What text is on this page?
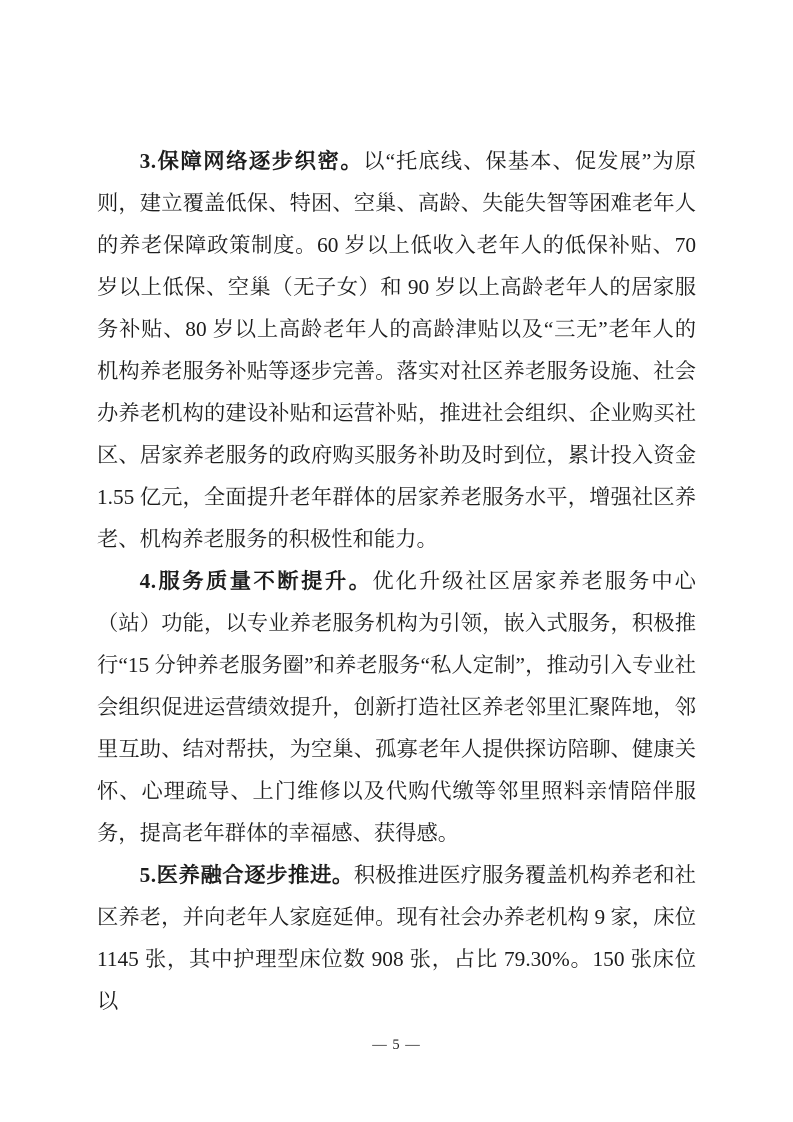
3.保障网络逐步织密。以“托底线、保基本、促发展”为原则，建立覆盖低保、特困、空巢、高龄、失能失智等困难老年人的养老保障政策制度。60 岁以上低收入老年人的低保补贴、70 岁以上低保、空巢（无子女）和 90 岁以上高龄老年人的居家服务补贴、80 岁以上高龄老年人的高龄津贴以及“三无”老年人的机构养老服务补贴等逐步完善。落实对社区养老服务设施、社会办养老机构的建设补贴和运营补贴，推进社会组织、企业购买社区、居家养老服务的政府购买服务补助及时到位，累计投入资金 1.55 亿元，全面提升老年群体的居家养老服务水平，增强社区养老、机构养老服务的积极性和能力。

4.服务质量不断提升。优化升级社区居家养老服务中心（站）功能，以专业养老服务机构为引领，嵌入式服务，积极推行“15 分钟养老服务圈”和养老服务“私人定制”，推动引入专业社会组织促进运营绩效提升，创新打造社区养老邻里汇聚阵地，邻里互助、结对帮扶，为空巢、孤寡老年人提供探访陪聊、健康关怀、心理疏导、上门维修以及代购代缴等邻里照料亲情陪伴服务，提高老年群体的幸福感、获得感。

5.医养融合逐步推进。积极推进医疗服务覆盖机构养老和社区养老，并向老年人家庭延伸。现有社会办养老机构 9 家，床位 1145 张，其中护理型床位数 908 张，占比 79.30%。150 张床位以

— 5 —
